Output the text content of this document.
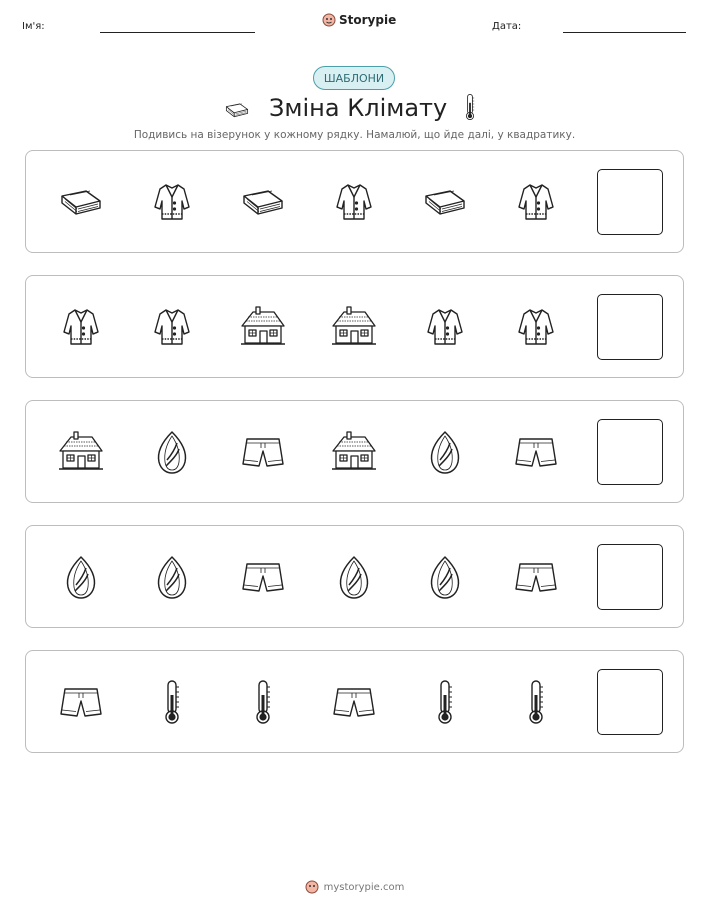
Ім'я:	Storypie	Дата:
ШАБЛОНИ
Зміна Клімату
Подивись на візерунок у кожному рядку. Намалюй, що йде далі, у квадратику.
mystorypie.com
